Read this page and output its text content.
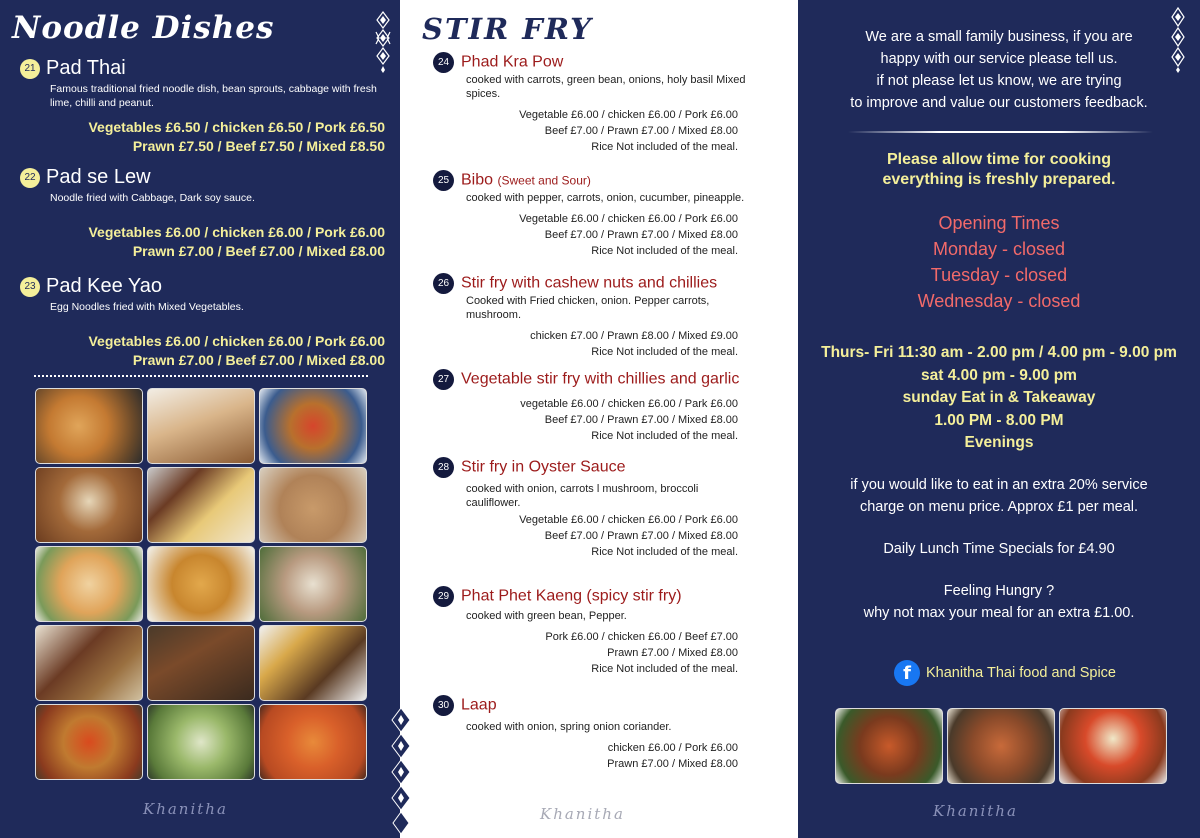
Noodle Dishes
21 Pad Thai
Famous traditional fried noodle dish, bean sprouts, cabbage with fresh lime, chilli and peanut.
Vegetables £6.50 / chicken £6.50 / Pork £6.50
Prawn £7.50 / Beef £7.50 / Mixed £8.50
22 Pad se Lew
Noodle fried with Cabbage, Dark soy sauce.
Vegetables £6.00 / chicken £6.00 / Pork £6.00
Prawn £7.00 / Beef £7.00 / Mixed £8.00
23 Pad Kee Yao
Egg Noodles fried with Mixed Vegetables.
Vegetables £6.00 / chicken £6.00 / Pork £6.00
Prawn £7.00 / Beef £7.00 / Mixed £8.00
Khanitha
STIR FRY
24 Phad Kra Pow
cooked with carrots, green bean, onions, holy basil Mixed spices.
Vegetable £6.00 / chicken £6.00 / Pork £6.00
Beef £7.00 / Prawn £7.00 / Mixed £8.00
Rice Not included of the meal.
25 Bibo (Sweet and Sour)
cooked with pepper, carrots, onion, cucumber, pineapple.
Vegetable £6.00 / chicken £6.00 / Pork £6.00
Beef £7.00 / Prawn £7.00 / Mixed £8.00
Rice Not included of the meal.
26 Stir fry with cashew nuts and chillies
Cooked with Fried chicken, onion. Pepper carrots, mushroom.
chicken £7.00 / Prawn £8.00 / Mixed £9.00
Rice Not included of the meal.
27 Vegetable stir fry with chillies and garlic
vegetable £6.00 / chicken £6.00 / Park £6.00
Beef £7.00 / Prawn £7.00 / Mixed £8.00
Rice Not included of the meal.
28 Stir fry in Oyster Sauce
cooked with onion, carrots l mushroom, broccoli cauliflower.
Vegetable £6.00 / chicken £6.00 / Pork £6.00
Beef £7.00 / Prawn £7.00 / Mixed £8.00
Rice Not included of the meal.
29 Phat Phet Kaeng (spicy stir fry)
cooked with green bean, Pepper.
Pork £6.00 / chicken £6.00 / Beef £7.00
Prawn £7.00 / Mixed £8.00
Rice Not included of the meal.
30 Laap
cooked with onion, spring onion coriander.
chicken £6.00 / Pork £6.00
Prawn £7.00 / Mixed £8.00
Khanitha
We are a small family business, if you are
happy with our service please tell us.
if not please let us know, we are trying
to improve and value our customers feedback.
Please allow time for cooking
everything is freshly prepared.
Opening Times
Monday - closed
Tuesday - closed
Wednesday - closed
Thurs- Fri 11:30 am - 2.00 pm / 4.00 pm - 9.00 pm
sat 4.00 pm - 9.00 pm
sunday Eat in & Takeaway
1.00 PM - 8.00 PM
Evenings
if you would like to eat in an extra 20% service
charge on menu price. Approx £1 per meal.
Daily Lunch Time Specials for £4.90
Feeling Hungry ?
why not max your meal for an extra £1.00.
f	Khanitha Thai food and Spice
Khanitha
